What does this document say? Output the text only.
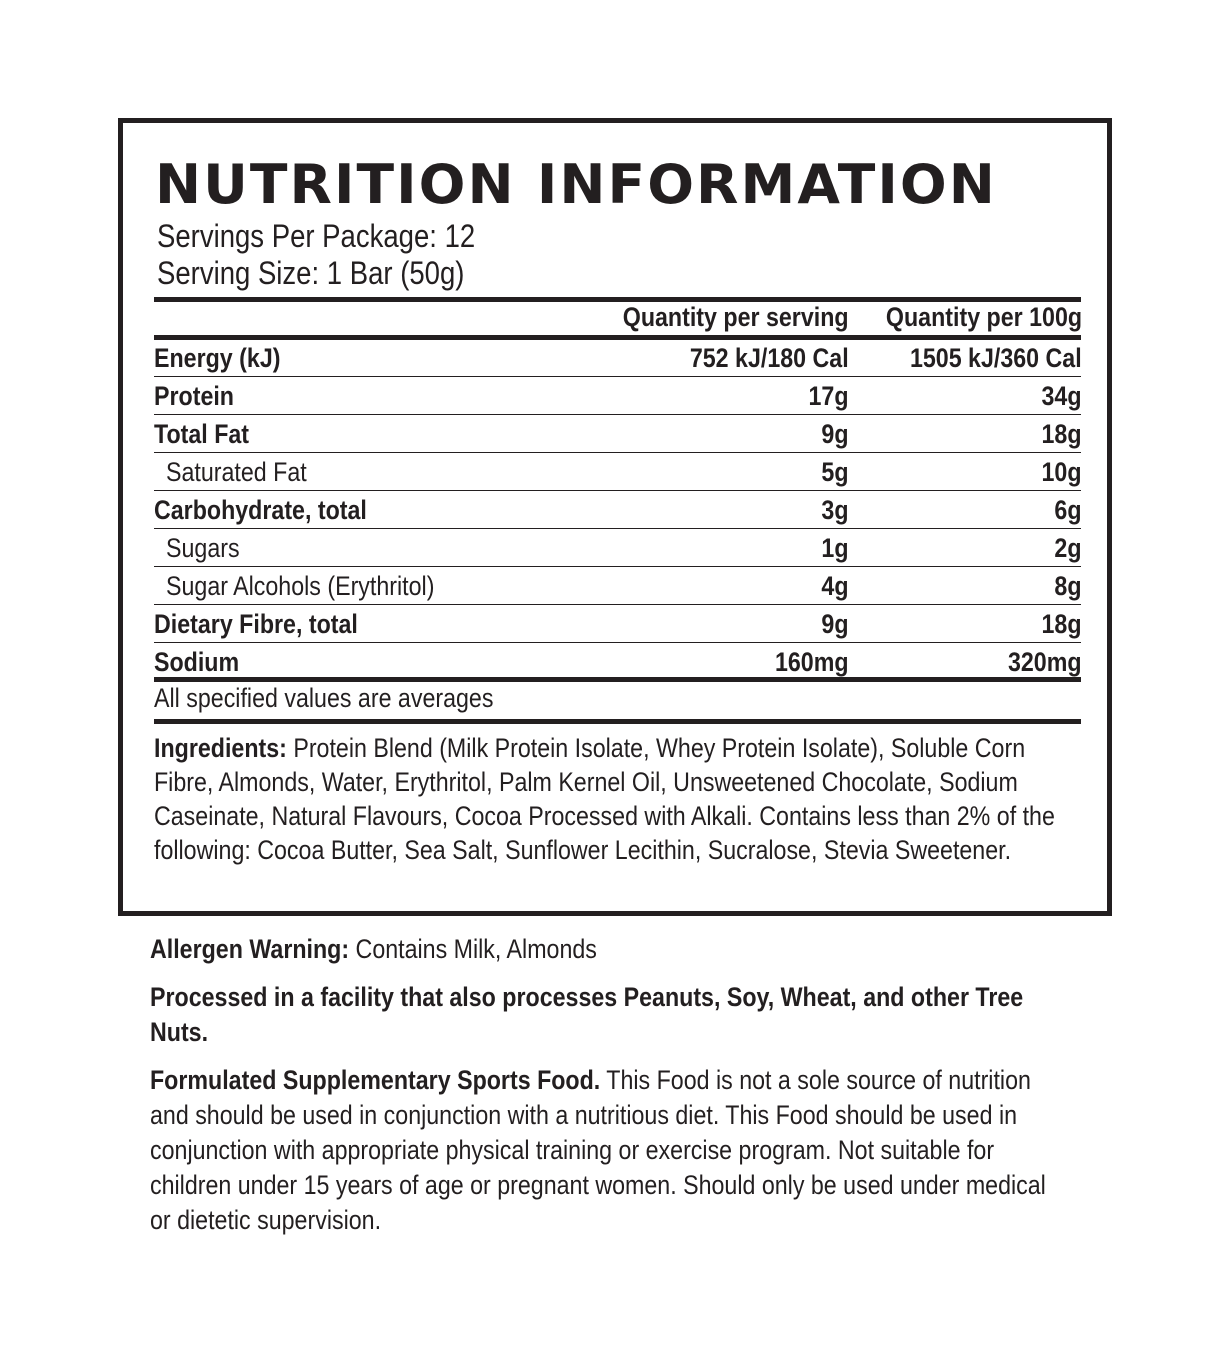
NUTRITION INFORMATION
Servings Per Package: 12
Serving Size: 1 Bar (50g)
Quantity per serving Quantity per 100g
Energy (kJ)	752 kJ/180 Cal 1505 kJ/360 Cal
Protein	17g	34g
Total Fat	9g	18g
Saturated Fat	5g	10g
Carbohydrate, total	3g	6g
Sugars	1g	2g
Sugar Alcohols (Erythritol)	4g	8g
Dietary Fibre, total	9g	18g
Sodium	160mg	320mg
All specified values are averages

Ingredients: Protein Blend (Milk Protein Isolate, Whey Protein Isolate), Soluble Corn Fibre, Almonds, Water, Erythritol, Palm Kernel Oil, Unsweetened Chocolate, Sodium Caseinate, Natural Flavours, Cocoa Processed with Alkali. Contains less than 2% of the following: Cocoa Butter, Sea Salt, Sunflower Lecithin, Sucralose, Stevia Sweetener.

Allergen Warning: Contains Milk, Almonds

Processed in a facility that also processes Peanuts, Soy, Wheat, and other Tree Nuts.

Formulated Supplementary Sports Food. This Food is not a sole source of nutrition and should be used in conjunction with a nutritious diet. This Food should be used in conjunction with appropriate physical training or exercise program. Not suitable for children under 15 years of age or pregnant women. Should only be used under medical or dietetic supervision.
